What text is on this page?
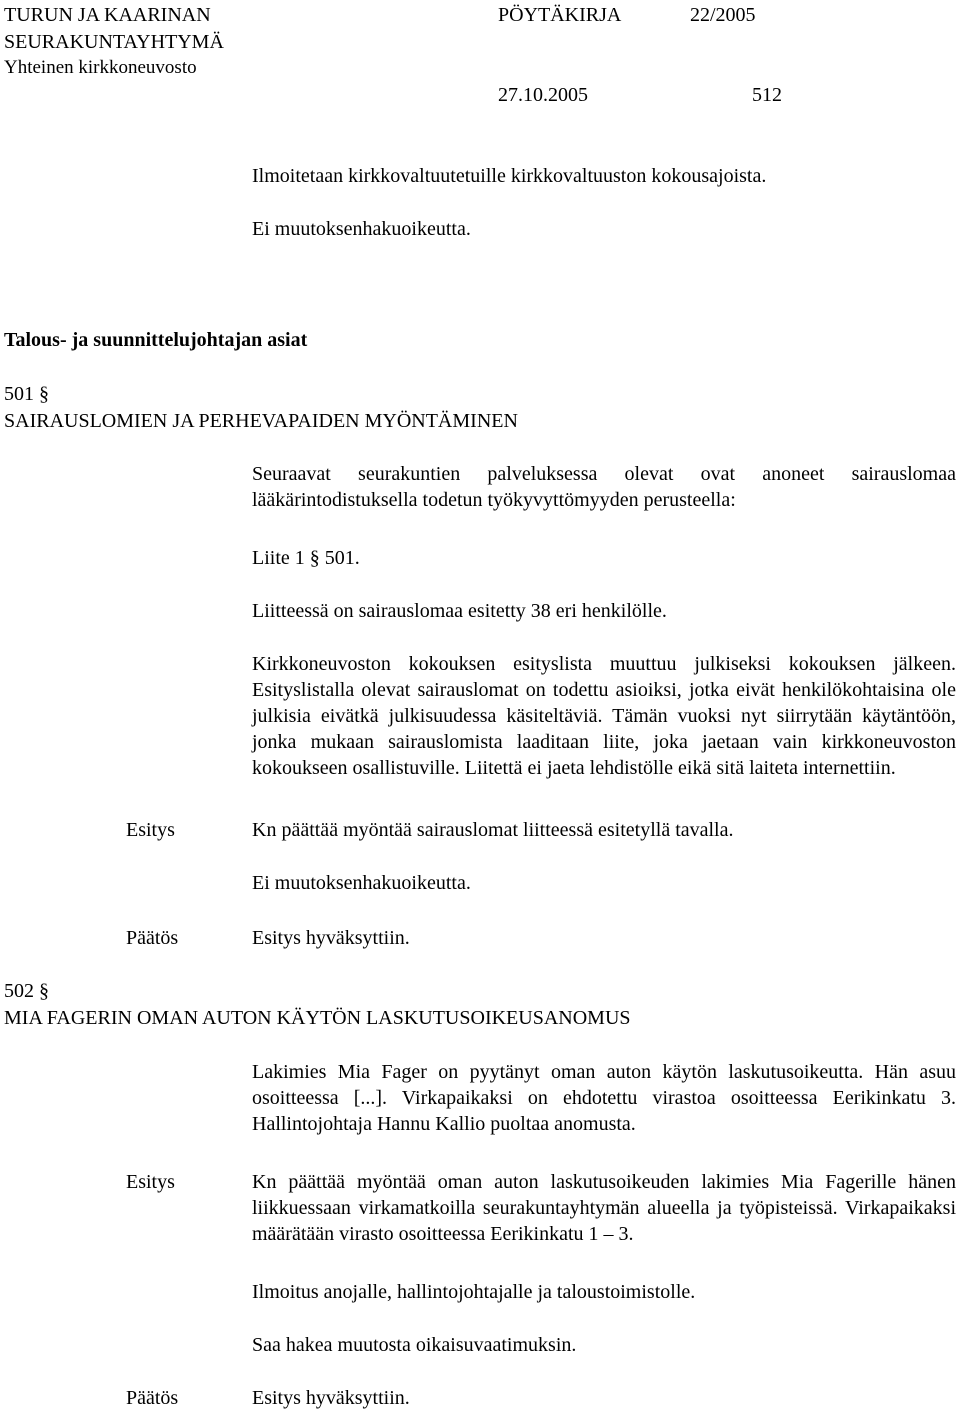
TURUN JA KAARINAN
SEURAKUNTAYHTYMÄ
Yhteinen kirkkoneuvosto
PÖYTÄKIRJA	22/2005
27.10.2005	512
Ilmoitetaan kirkkovaltuutetuille kirkkovaltuuston kokousajoista.
Ei muutoksenhakuoikeutta.
Talous- ja suunnittelujohtajan asiat
501 §
SAIRAUSLOMIEN JA PERHEVAPAIDEN MYÖNTÄMINEN
Seuraavat seurakuntien palveluksessa olevat ovat anoneet sairauslomaa lääkärintodistuksella todetun työkyvyttömyyden perusteella:
Liite 1 § 501.
Liitteessä on sairauslomaa esitetty 38 eri henkilölle.
Kirkkoneuvoston kokouksen esityslista muuttuu julkiseksi kokouksen jälkeen. Esityslistalla olevat sairauslomat on todettu asioiksi, jotka eivät henkilökohtaisina ole julkisia eivätkä julkisuudessa käsiteltäviä. Tämän vuoksi nyt siirrytään käytäntöön, jonka mukaan sairauslomista laaditaan liite, joka jaetaan vain kirkkoneuvoston kokoukseen osallistuville. Liitettä ei jaeta lehdistölle eikä sitä laiteta internettiin.
Esitys	Kn päättää myöntää sairauslomat liitteessä esitetyllä tavalla.
Ei muutoksenhakuoikeutta.
Päätös	Esitys hyväksyttiin.
502 §
MIA FAGERIN OMAN AUTON KÄYTÖN LASKUTUSOIKEUSANOMUS
Lakimies Mia Fager on pyytänyt oman auton käytön laskutusoikeutta. Hän asuu osoitteessa [...]. Virkapaikaksi on ehdotettu virastoa osoitteessa Eerikinkatu 3. Hallintojohtaja Hannu Kallio puoltaa anomusta.
Esitys	Kn päättää myöntää oman auton laskutusoikeuden lakimies Mia Fagerille hänen liikkuessaan virkamatkoilla seurakuntayhtymän alueella ja työpisteissä. Virkapaikaksi määrätään virasto osoitteessa Eerikinkatu 1 – 3.
Ilmoitus anojalle, hallintojohtajalle ja taloustoimistolle.
Saa hakea muutosta oikaisuvaatimuksin.
Päätös	Esitys hyväksyttiin.
